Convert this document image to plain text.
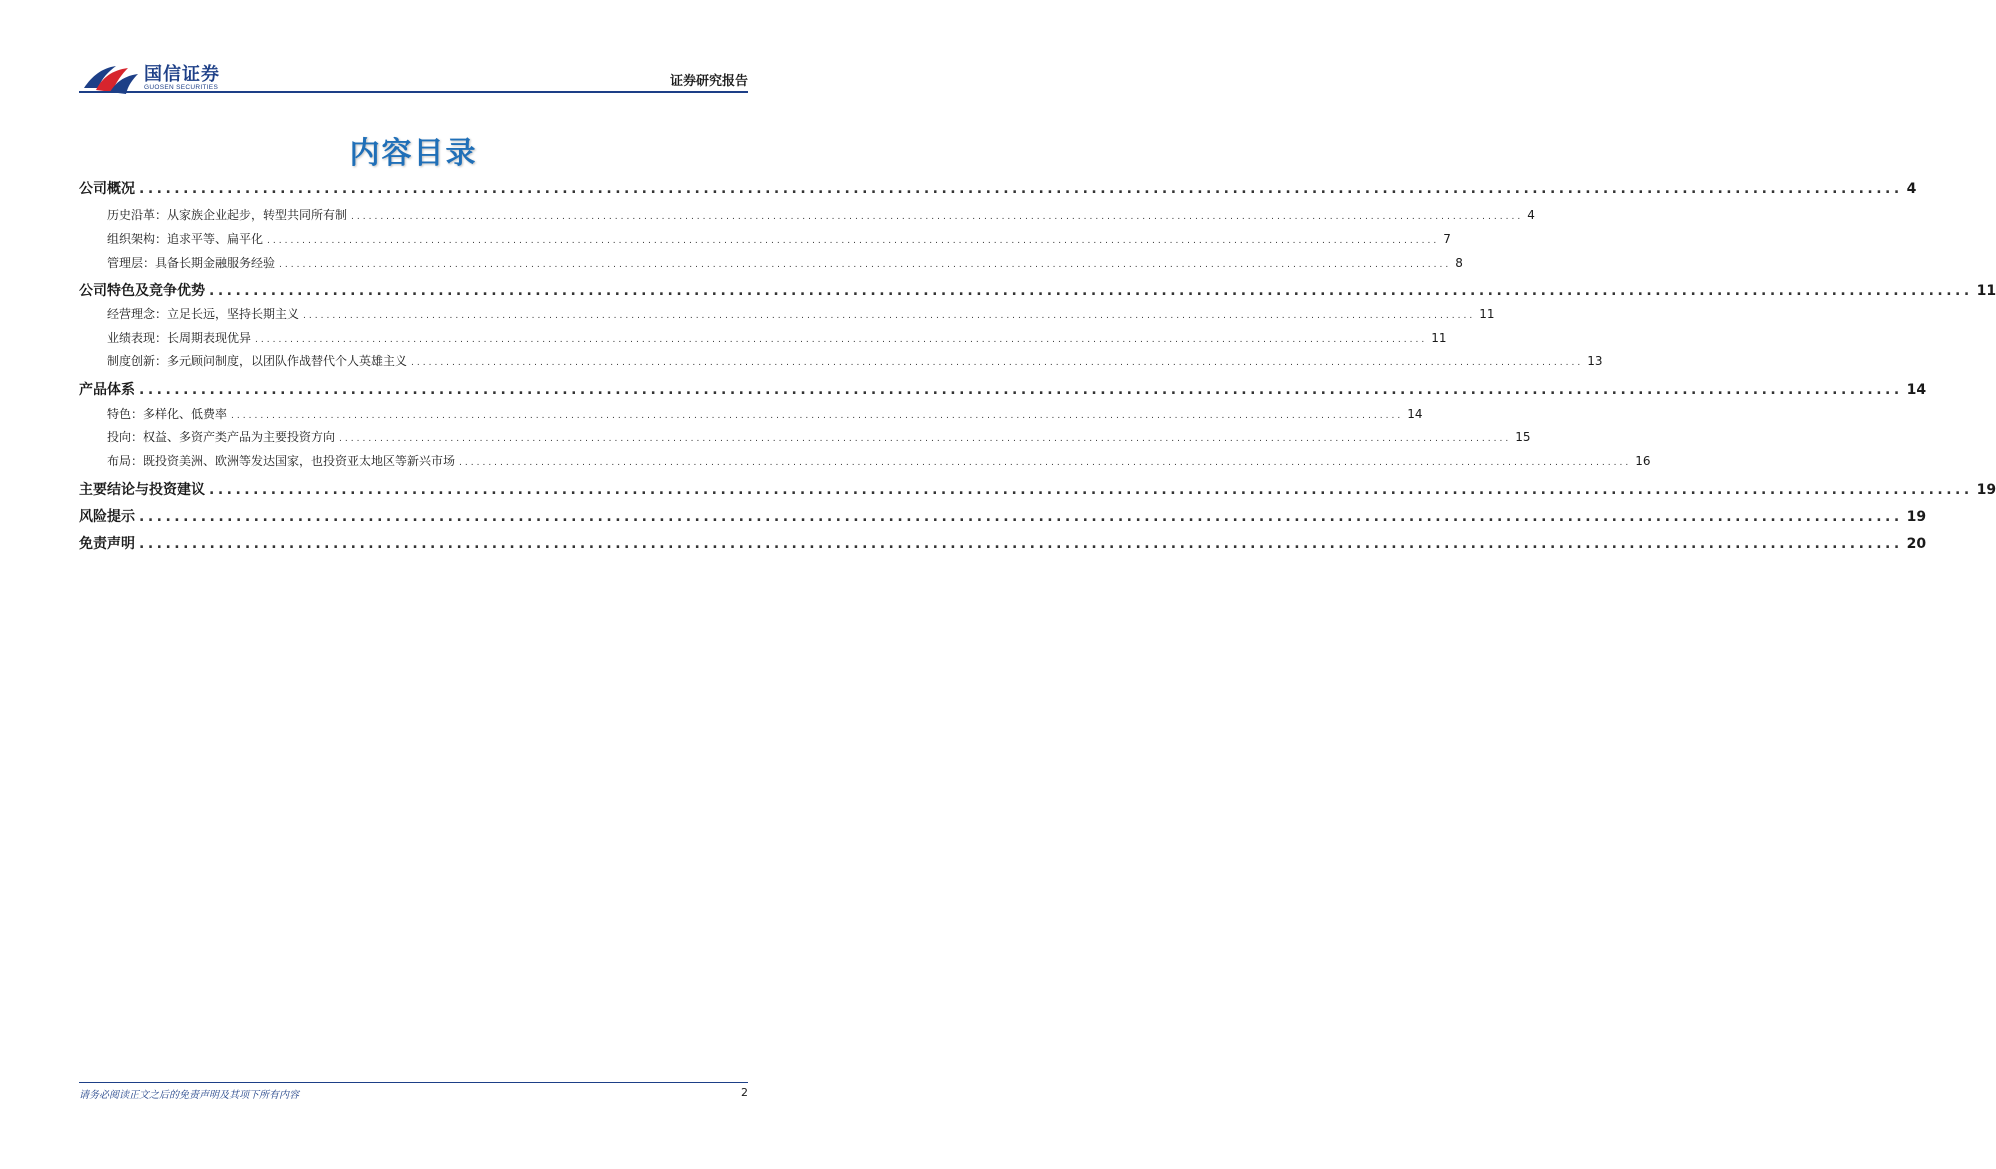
国信证券
GUOSEN SECURITIES	证券研究报告
内容目录
公司概况 ........................................................................................................................................................................................................ 4
历史沿革：从家族企业起步，转型共同所有制 ........................................................................................................................................................................................................ 4
组织架构：追求平等、扁平化 ........................................................................................................................................................................................................ 7
管理层：具备长期金融服务经验 ........................................................................................................................................................................................................ 8
公司特色及竞争优势 ........................................................................................................................................................................................................ 11
经营理念：立足长远，坚持长期主义 ........................................................................................................................................................................................................ 11
业绩表现：长周期表现优异 ........................................................................................................................................................................................................ 11
制度创新：多元顾问制度，以团队作战替代个人英雄主义 ........................................................................................................................................................................................................ 13
产品体系 ........................................................................................................................................................................................................ 14
特色：多样化、低费率 ........................................................................................................................................................................................................ 14
投向：权益、多资产类产品为主要投资方向 ........................................................................................................................................................................................................ 15
布局：既投资美洲、欧洲等发达国家，也投资亚太地区等新兴市场 ........................................................................................................................................................................................................ 16
主要结论与投资建议 ........................................................................................................................................................................................................ 19
风险提示 ........................................................................................................................................................................................................ 19
免责声明 ........................................................................................................................................................................................................ 20
请务必阅读正文之后的免责声明及其项下所有内容	2
